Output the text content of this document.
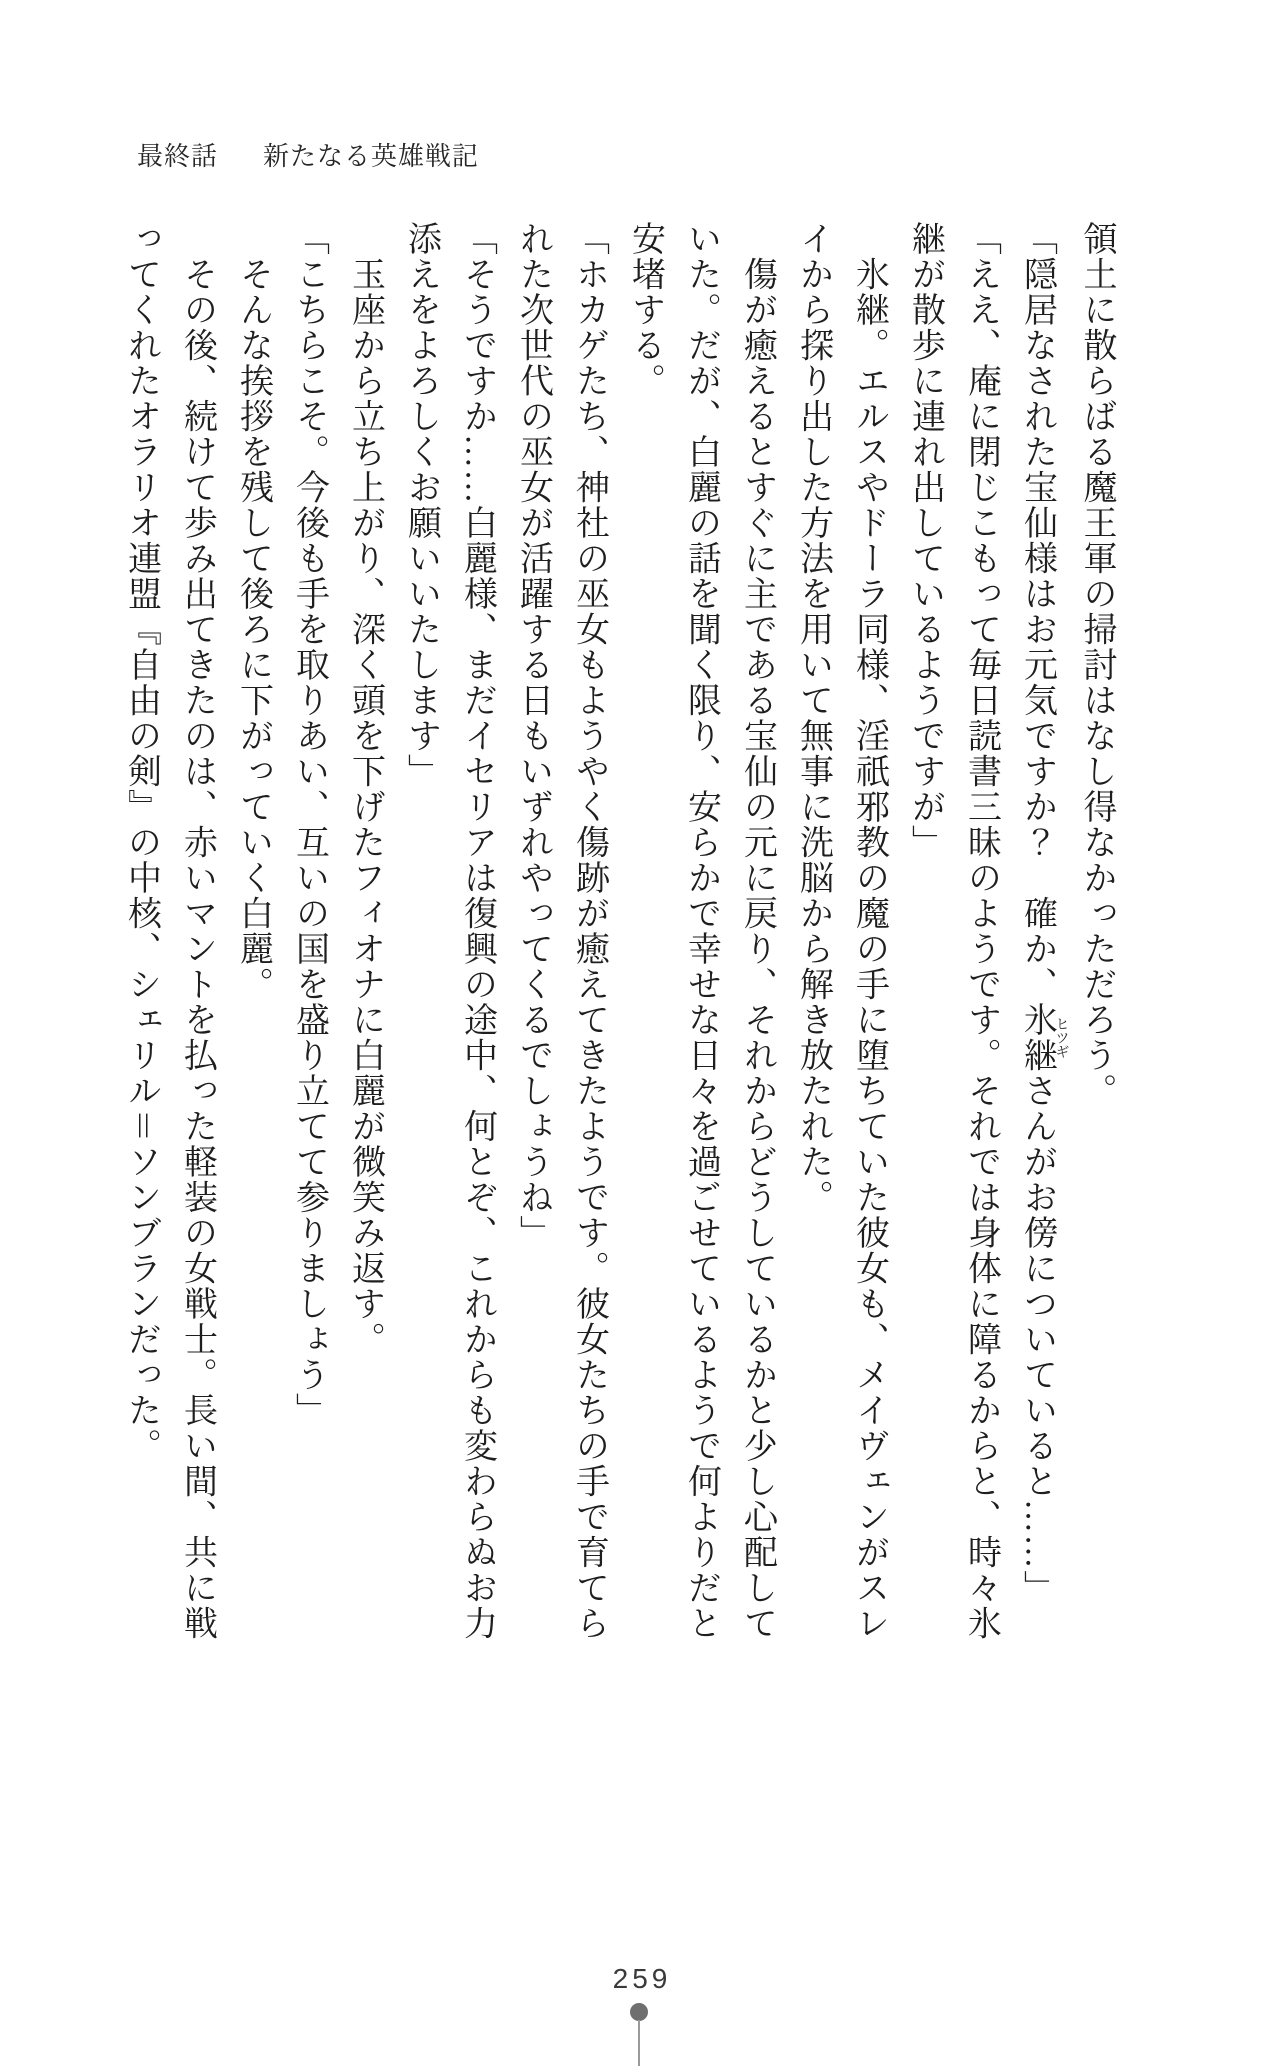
最終話 新たなる英雄戦記

領土に散らばる魔王軍の掃討はなし得なかっただろう。

「隠居なされた宝仙様はお元気ですか？　確か、氷継ヒツギさんがお傍についていると……」

「ええ、庵に閉じこもって毎日読書三昧のようです。それでは身体に障るからと、時々氷

継が散歩に連れ出しているようですが」

　氷継。エルスやドーラ同様、淫祇邪教の魔の手に堕ちていた彼女も、メイヴェンがスレ

イから探り出した方法を用いて無事に洗脳から解き放たれた。

　傷が癒えるとすぐに主である宝仙の元に戻り、それからどうしているかと少し心配して

いた。だが、白麗の話を聞く限り、安らかで幸せな日々を過ごせているようで何よりだと

安堵する。

「ホカゲたち、神社の巫女もようやく傷跡が癒えてきたようです。彼女たちの手で育てら

れた次世代の巫女が活躍する日もいずれやってくるでしょうね」

「そうですか……白麗様、まだイセリアは復興の途中、何とぞ、これからも変わらぬお力

添えをよろしくお願いいたします」

　玉座から立ち上がり、深く頭を下げたフィオナに白麗が微笑み返す。

「こちらこそ。今後も手を取りあい、互いの国を盛り立てて参りましょう」

　そんな挨拶を残して後ろに下がっていく白麗。

　その後、続けて歩み出てきたのは、赤いマントを払った軽装の女戦士。長い間、共に戦

ってくれたオラリオ連盟『自由の剣』の中核、シェリル＝ソンブランだった。

259
